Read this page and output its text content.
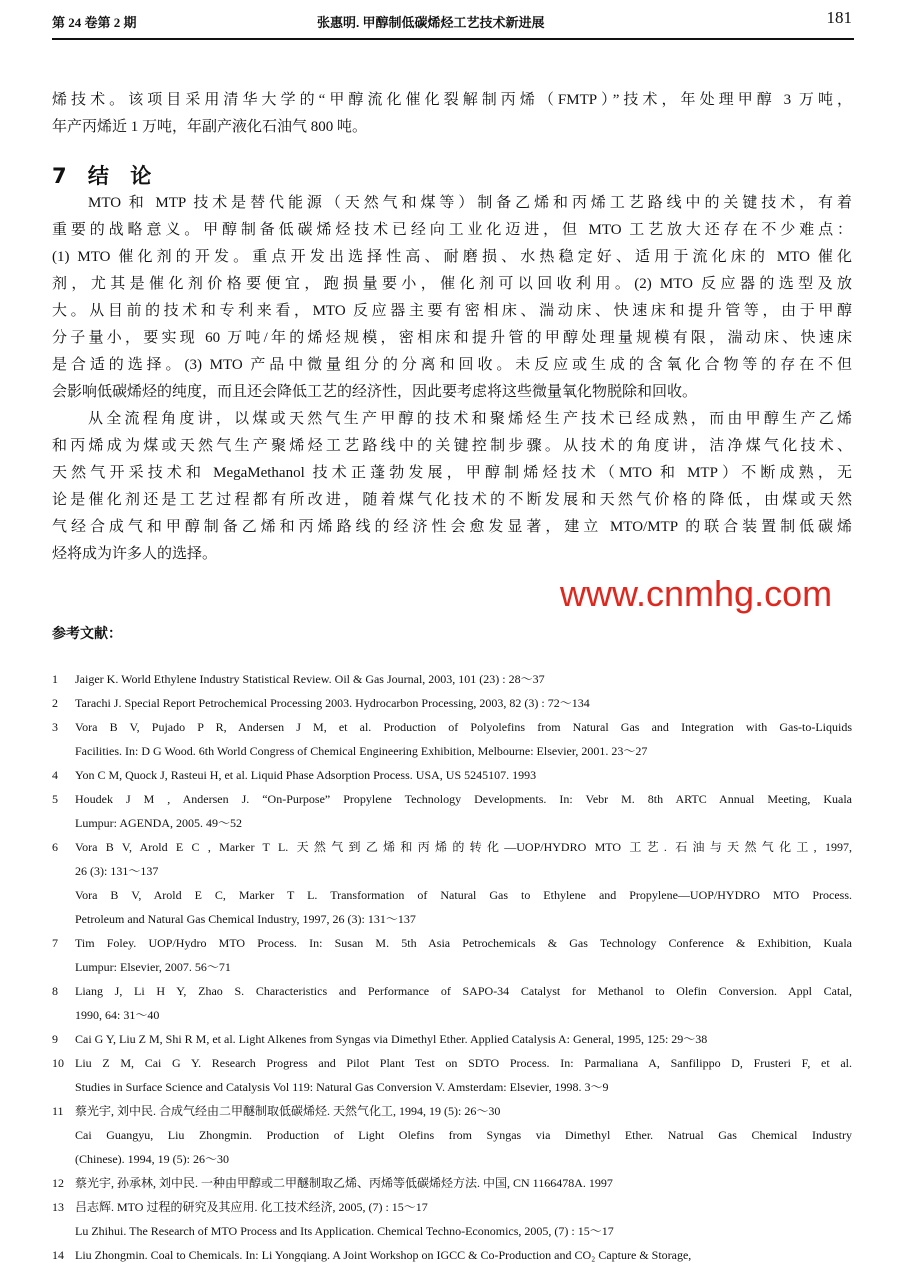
第 24 卷第 2 期	张惠明. 甲醇制低碳烯烃工艺技术新进展	181
烯技术。该项目采用清华大学的“甲醇流化催化裂解制丙烯（FMTP）”技术，年处理甲醇 3 万吨，
年产丙烯近 1 万吨，年副产液化石油气 800 吨。
MTO 和 MTP 技术是替代能源（天然气和煤等）制备乙烯和丙烯工艺路线中的关键技术，有着
重要的战略意义。甲醇制备低碳烯烃技术已经向工业化迈进，但 MTO 工艺放大还存在不少难点：
(1) MTO 催化剂的开发。重点开发出选择性高、耐磨损、水热稳定好、适用于流化床的 MTO 催化
剂，尤其是催化剂价格要便宜，跑损量要小，催化剂可以回收利用。(2) MTO 反应器的选型及放
大。从目前的技术和专利来看，MTO 反应器主要有密相床、湍动床、快速床和提升管等，由于甲醇
分子量小，要实现 60 万吨/年的烯烃规模，密相床和提升管的甲醇处理量规模有限，湍动床、快速床
是合适的选择。(3) MTO 产品中微量组分的分离和回收。未反应或生成的含氧化合物等的存在不但
会影响低碳烯烃的纯度，而且还会降低工艺的经济性，因此要考虑将这些微量氧化物脱除和回收。
从全流程角度讲，以煤或天然气生产甲醇的技术和聚烯烃生产技术已经成熟，而由甲醇生产乙烯
和丙烯成为煤或天然气生产聚烯烃工艺路线中的关键控制步骤。从技术的角度讲，洁净煤气化技术、
天然气开采技术和 MegaMethanol 技术正蓬勃发展，甲醇制烯烃技术（MTO 和 MTP）不断成熟，无
论是催化剂还是工艺过程都有所改进，随着煤气化技术的不断发展和天然气价格的降低，由煤或天然
气经合成气和甲醇制备乙烯和丙烯路线的经济性会愈发显著，建立 MTO/MTP 的联合装置制低碳烯
烃将成为许多人的选择。
7 结 论
参考文献：
1 Jaiger K. World Ethylene Industry Statistical Review. Oil & Gas Journal, 2003, 101 (23) : 28～37
2 Tarachi J. Special Report Petrochemical Processing 2003. Hydrocarbon Processing, 2003, 82 (3) : 72～134
3 Vora B V, Pujado P R, Andersen J M, et al. Production of Polyolefins from Natural Gas and Integration with Gas-to-Liquids
Facilities. In: D G Wood. 6th World Congress of Chemical Engineering Exhibition, Melbourne: Elsevier, 2001. 23～27
4 Yon C M, Quock J, Rasteui H, et al. Liquid Phase Adsorption Process. USA, US 5245107. 1993
5 Houdek J M , Andersen J. “On-Purpose” Propylene Technology Developments. In: Vebr M. 8th ARTC Annual Meeting, Kuala
Lumpur: AGENDA, 2005. 49～52
6 Vora B V, Arold E C , Marker T L. 天然气到乙烯和丙烯的转化—UOP/HYDRO MTO 工艺. 石油与天然气化工, 1997,
26 (3): 131～137
Vora B V, Arold E C, Marker T L. Transformation of Natural Gas to Ethylene and Propylene—UOP/HYDRO MTO Process.
Petroleum and Natural Gas Chemical Industry, 1997, 26 (3): 131～137
7 Tim Foley. UOP/Hydro MTO Process. In: Susan M. 5th Asia Petrochemicals & Gas Technology Conference & Exhibition, Kuala
Lumpur: Elsevier, 2007. 56～71
8 Liang J, Li H Y, Zhao S. Characteristics and Performance of SAPO-34 Catalyst for Methanol to Olefin Conversion. Appl Catal,
1990, 64: 31～40
9 Cai G Y, Liu Z M, Shi R M, et al. Light Alkenes from Syngas via Dimethyl Ether. Applied Catalysis A: General, 1995, 125: 29～38
10 Liu Z M, Cai G Y. Research Progress and Pilot Plant Test on SDTO Process. In: Parmaliana A, Sanfilippo D, Frusteri F, et al.
Studies in Surface Science and Catalysis Vol 119: Natural Gas Conversion V. Amsterdam: Elsevier, 1998. 3～9
11 蔡光宇, 刘中民. 合成气经由二甲醚制取低碳烯烃. 天然气化工, 1994, 19 (5): 26～30
Cai Guangyu, Liu Zhongmin. Production of Light Olefins from Syngas via Dimethyl Ether. Natrual Gas Chemical Industry
(Chinese). 1994, 19 (5): 26～30
12 蔡光宇, 孙承林, 刘中民. 一种由甲醇或二甲醚制取乙烯、丙烯等低碳烯烃方法. 中国, CN 1166478A. 1997
13 吕志辉. MTO 过程的研究及其应用. 化工技术经济, 2005, (7) : 15～17
Lu Zhihui. The Research of MTO Process and Its Application. Chemical Techno-Economics, 2005, (7) : 15～17
14 Liu Zhongmin. Coal to Chemicals. In: Li Yongqiang. A Joint Workshop on IGCC & Co-Production and CO₂ Capture & Storage,
www.cnmhg.com
